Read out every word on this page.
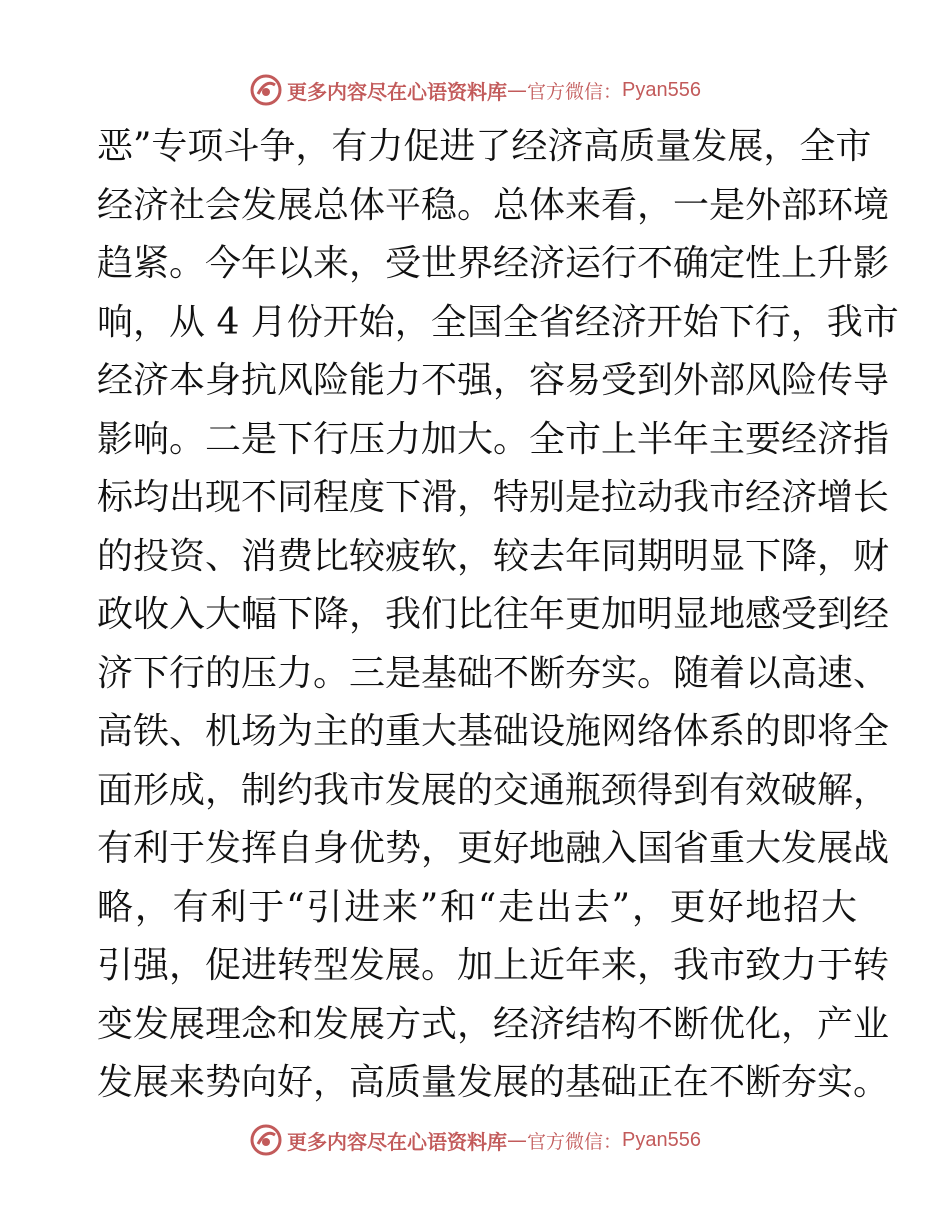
更多内容尽在心语资料库 — 官方微信： Pyan556
恶”专项斗争，有力促进了经济高质量发展，全市
经济社会发展总体平稳。总体来看，一是外部环境
趋紧。今年以来，受世界经济运行不确定性上升影
响，从 4 月份开始，全国全省经济开始下行，我市
经济本身抗风险能力不强，容易受到外部风险传导
影响。二是下行压力加大。全市上半年主要经济指
标均出现不同程度下滑，特别是拉动我市经济增长
的投资、消费比较疲软，较去年同期明显下降，财
政收入大幅下降，我们比往年更加明显地感受到经
济下行的压力。三是基础不断夯实。随着以高速、
高铁、机场为主的重大基础设施网络体系的即将全
面形成，制约我市发展的交通瓶颈得到有效破解，
有利于发挥自身优势，更好地融入国省重大发展战
略，有利于“引进来”和“走出去”，更好地招大
引强，促进转型发展。加上近年来，我市致力于转
变发展理念和发展方式，经济结构不断优化，产业
发展来势向好，高质量发展的基础正在不断夯实。
更多内容尽在心语资料库 — 官方微信： Pyan556
